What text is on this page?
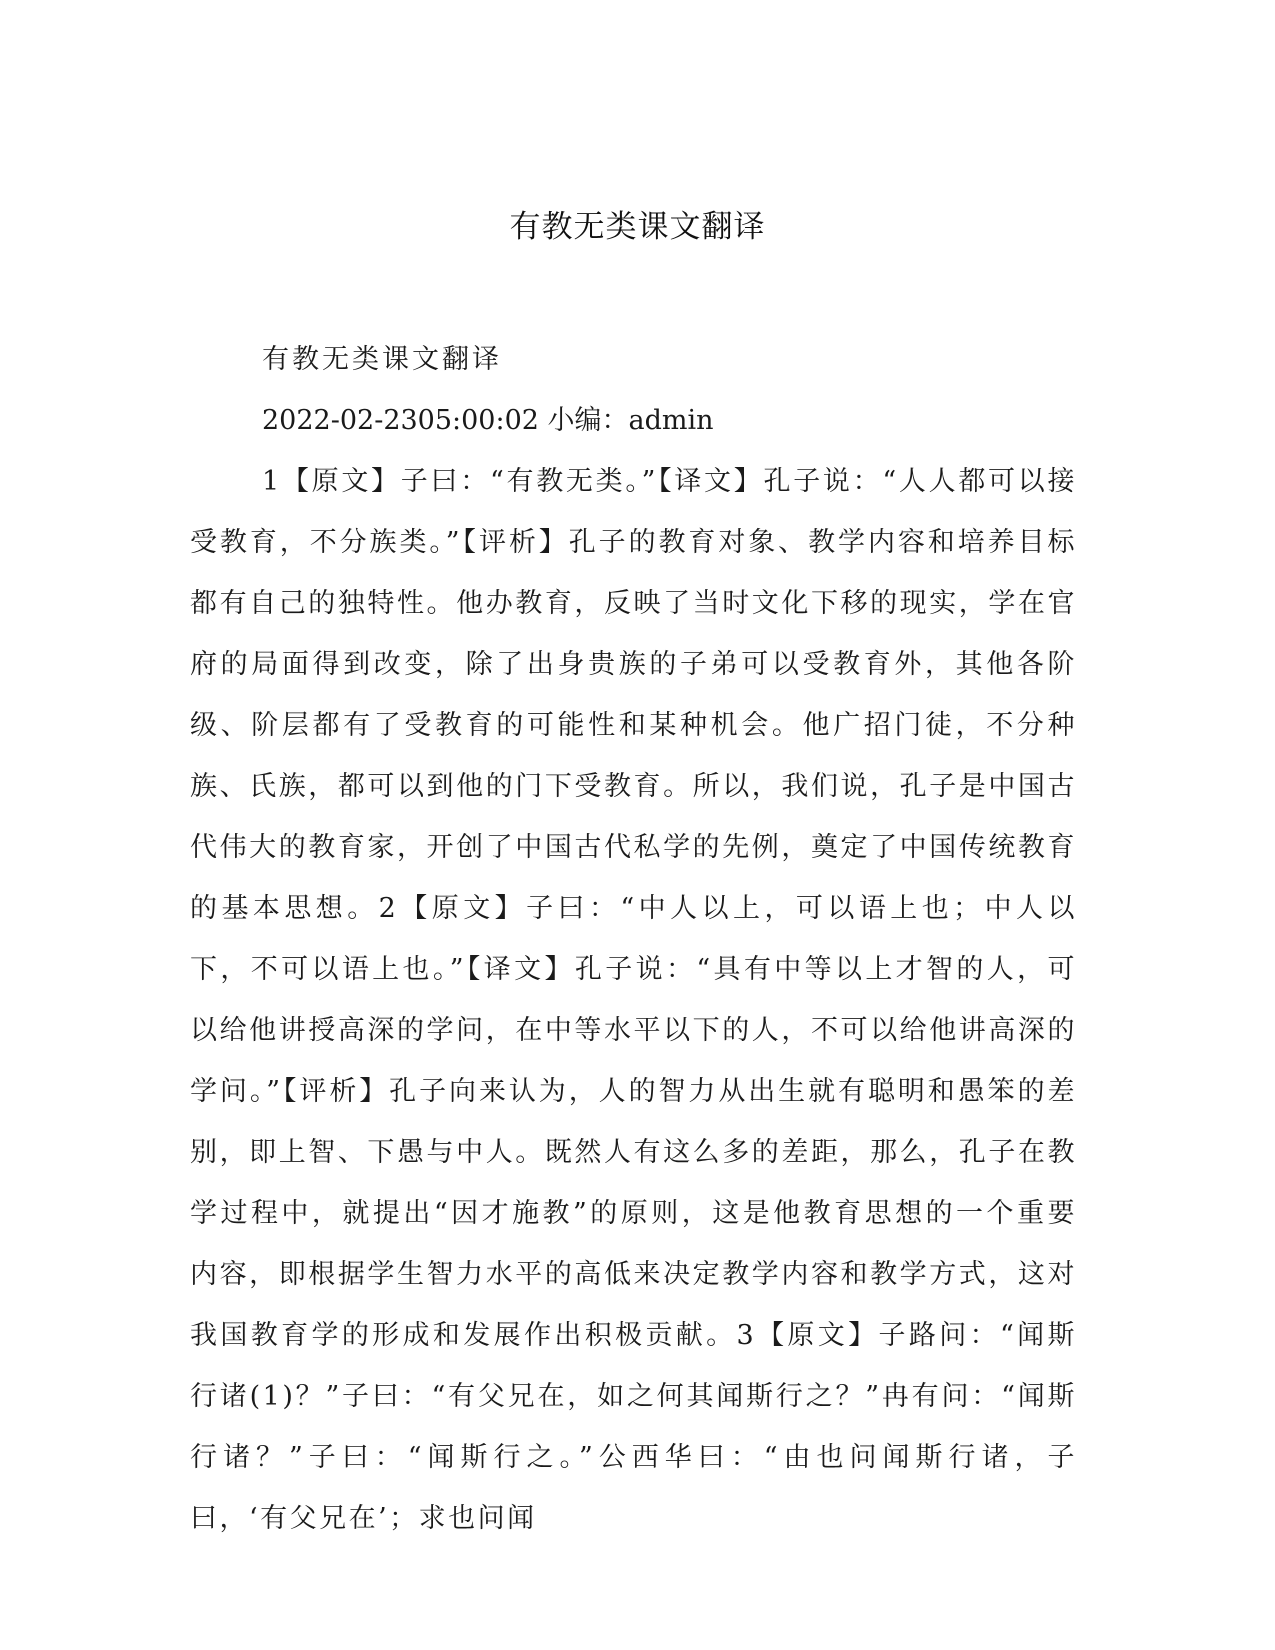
有教无类课文翻译

有教无类课文翻译

2022-02-2305:00:02 小编：admin

1【原文】子曰：“有教无类。”【译文】孔子说：“人人都可以接受教育，不分族类。”【评析】孔子的教育对象、教学内容和培养目标都有自己的独特性。他办教育，反映了当时文化下移的现实，学在官府的局面得到改变，除了出身贵族的子弟可以受教育外，其他各阶级、阶层都有了受教育的可能性和某种机会。他广招门徒，不分种族、氏族，都可以到他的门下受教育。所以，我们说，孔子是中国古代伟大的教育家，开创了中国古代私学的先例，奠定了中国传统教育的基本思想。2【原文】子曰：“中人以上，可以语上也；中人以下，不可以语上也。”【译文】孔子说：“具有中等以上才智的人，可以给他讲授高深的学问，在中等水平以下的人，不可以给他讲高深的学问。”【评析】孔子向来认为，人的智力从出生就有聪明和愚笨的差别，即上智、下愚与中人。既然人有这么多的差距，那么，孔子在教学过程中，就提出“因才施教”的原则，这是他教育思想的一个重要内容，即根据学生智力水平的高低来决定教学内容和教学方式，这对我国教育学的形成和发展作出积极贡献。3【原文】子路问：“闻斯行诸(1)？”子曰：“有父兄在，如之何其闻斯行之？”冉有问：“闻斯行诸？”子曰：“闻斯行之。”公西华曰：“由也问闻斯行诸，子曰，‘有父兄在’；求也问闻
